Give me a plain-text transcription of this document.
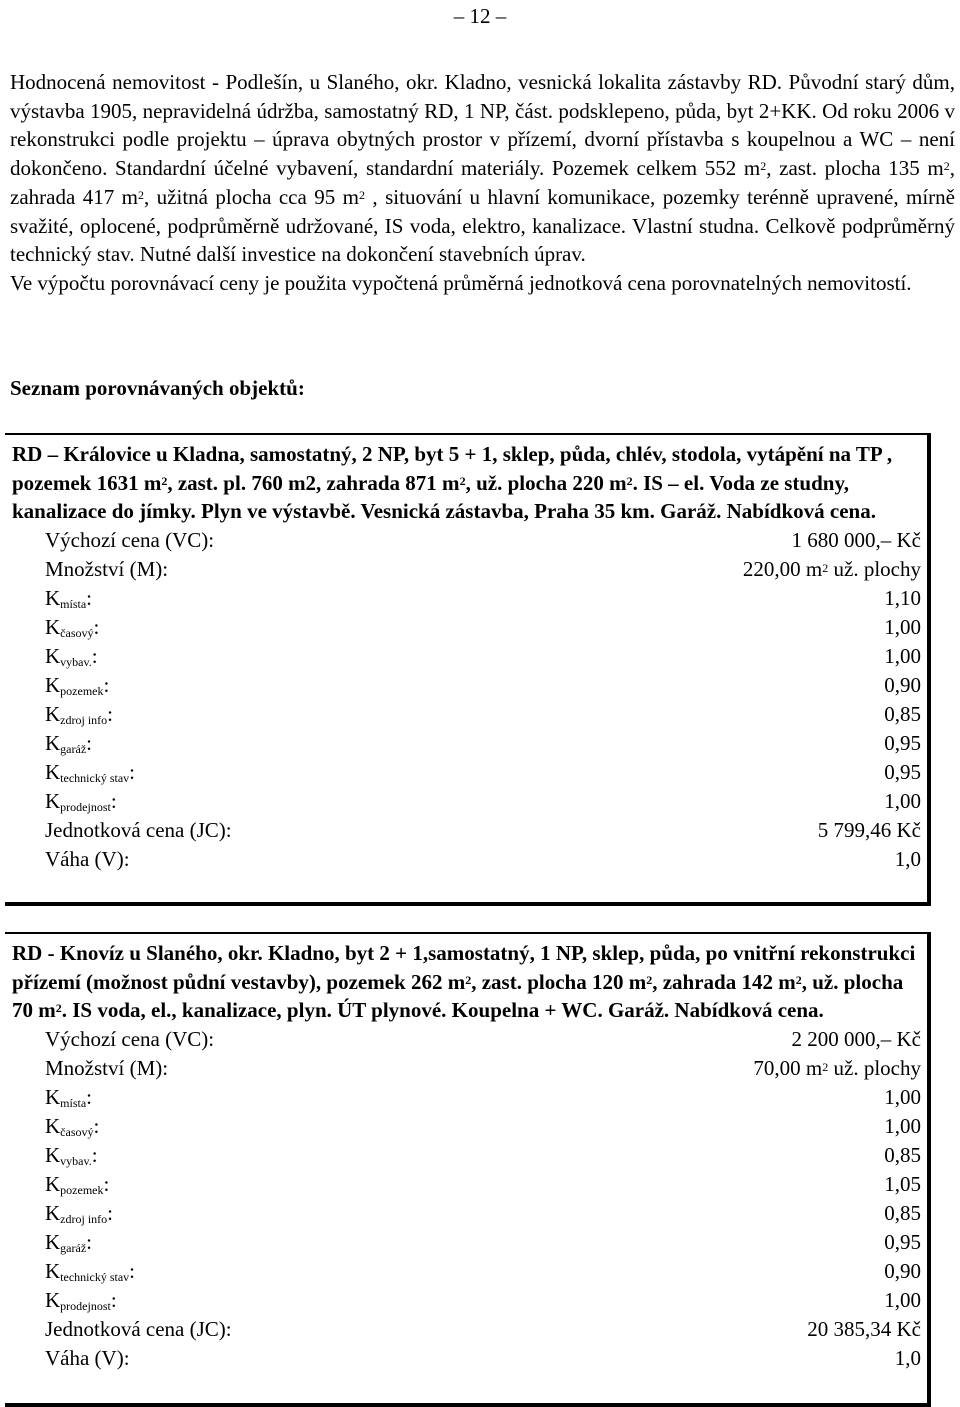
– 12 –

Hodnocená nemovitost - Podlešín, u Slaného, okr. Kladno, vesnická lokalita zástavby RD. Původní starý dům, výstavba 1905, nepravidelná údržba, samostatný RD, 1 NP, část. podsklepeno, půda, byt 2+KK. Od roku 2006 v rekonstrukci podle projektu – úprava obytných prostor v přízemí, dvorní přístavba s koupelnou a WC – není dokončeno. Standardní účelné vybavení, standardní materiály. Pozemek celkem 552 $m^2$, zast. plocha 135 $m^2$, zahrada 417 $m^2$, užitná plocha cca 95 $m^2$ , situování u hlavní komunikace, pozemky terénně upravené, mírně svažité, oplocené, podprůměrně udržované, IS voda, elektro, kanalizace. Vlastní studna. Celkově podprůměrný technický stav. Nutné další investice na dokončení stavebních úprav.
Ve výpočtu porovnávací ceny je použita vypočtená průměrná jednotková cena porovnatelných nemovitostí.

Seznam porovnávaných objektů:

RD – Královice u Kladna, samostatný, 2 NP, byt 5 + 1, sklep, půda, chlév, stodola, vytápění na TP , pozemek 1631 $m^2$, zast. pl. 760 m2, zahrada 871 $m^2$, už. plocha 220 $m^2$. IS – el. Voda ze studny, kanalizace do jímky. Plyn ve výstavbě. Vesnická zástavba, Praha 35 km. Garáž. Nabídková cena.

Výchozí cena (VC):	1 680 000,– Kč
Množství (M):	220,00 $m^2$ už. plochy
$K_{místa}$:	1,10
$K_{časový}$:	1,00
$K_{vybav.}$:	1,00
$K_{pozemek}$:	0,90
$K_{zdroj info}$:	0,85
$K_{garáž}$:	0,95
$K_{technický stav}$:	0,95
$K_{prodejnost}$:	1,00
Jednotková cena (JC):	5 799,46 Kč
Váha (V):	1,0

RD - Knovíz u Slaného, okr. Kladno, byt 2 + 1,samostatný, 1 NP, sklep, půda, po vnitřní rekonstrukci přízemí (možnost půdní vestavby), pozemek 262 $m^2$, zast. plocha 120 $m^2$, zahrada 142 $m^2$, už. plocha 70 $m^2$. IS voda, el., kanalizace, plyn. ÚT plynové. Koupelna + WC. Garáž. Nabídková cena.

Výchozí cena (VC):	2 200 000,– Kč
Množství (M):	70,00 $m^2$ už. plochy
$K_{místa}$:	1,00
$K_{časový}$:	1,00
$K_{vybav.}$:	0,85
$K_{pozemek}$:	1,05
$K_{zdroj info}$:	0,85
$K_{garáž}$:	0,95
$K_{technický stav}$:	0,90
$K_{prodejnost}$:	1,00
Jednotková cena (JC):	20 385,34 Kč
Váha (V):	1,0
